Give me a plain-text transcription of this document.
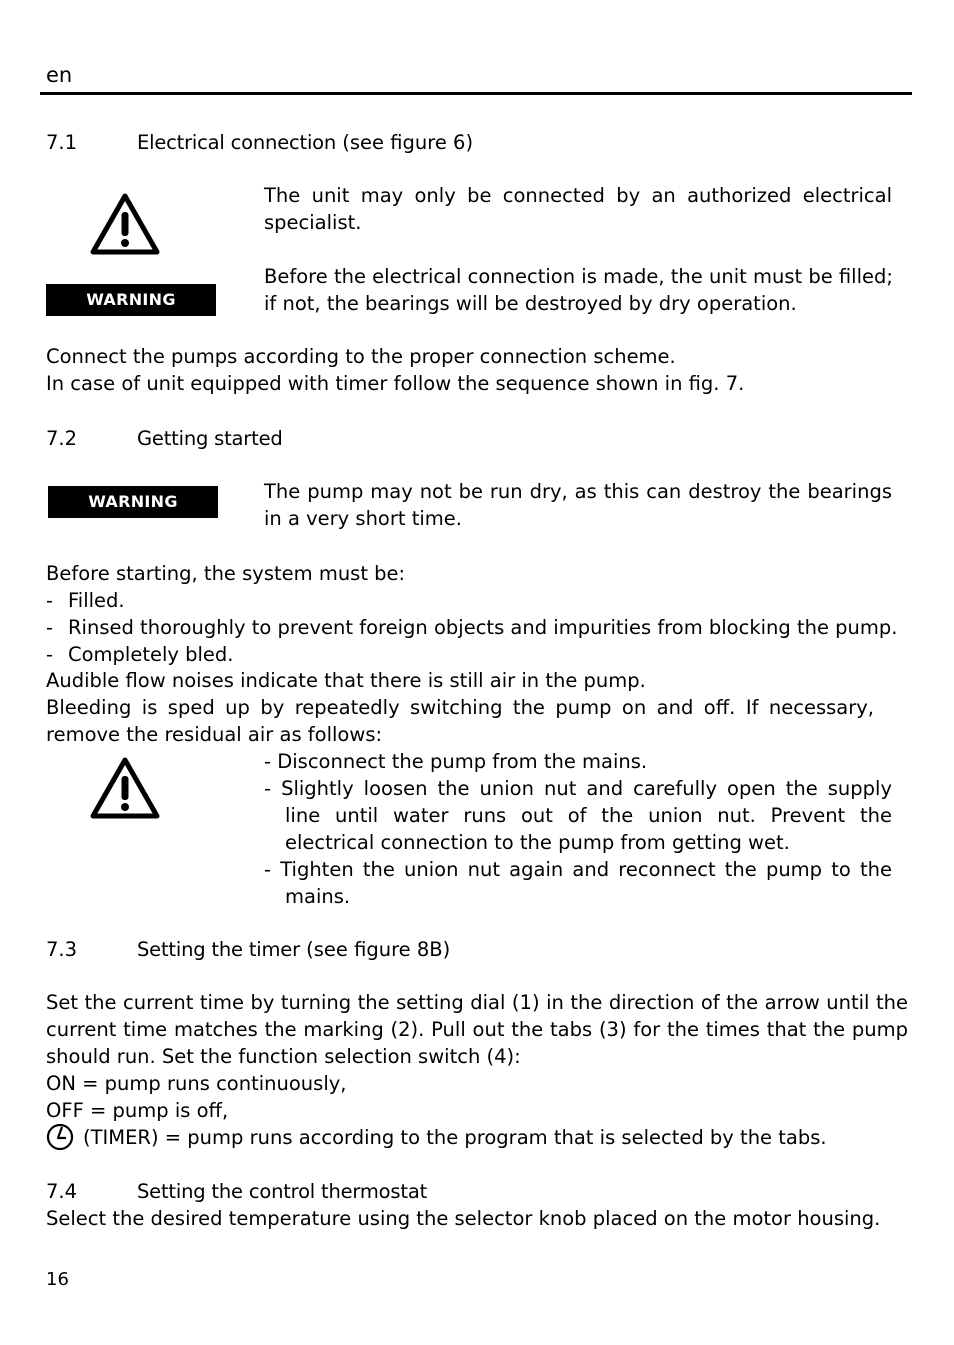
en
7.1	Electrical connection (see figure 6)
WARNING
The unit may only be connected by an authorized electrical specialist.
Before the electrical connection is made, the unit must be filled;
if not, the bearings will be destroyed by dry operation.
Connect the pumps according to the proper connection scheme.
In case of unit equipped with timer follow the sequence shown in fig. 7.
7.2	Getting started
WARNING	The pump may not be run dry, as this can destroy the bearings in a very short time.
Before starting, the system must be:
- Filled.
- Rinsed thoroughly to prevent foreign objects and impurities from blocking the pump.
- Completely bled.
Audible flow noises indicate that there is still air in the pump.
Bleeding is sped up by repeatedly switching the pump on and off. If necessary, remove the residual air as follows:
- Disconnect the pump from the mains.
- Slightly loosen the union nut and carefully open the supply line until water runs out of the union nut. Prevent the electrical connection to the pump from getting wet.
- Tighten the union nut again and reconnect the pump to the mains.
7.3	Setting the timer (see figure 8B)
Set the current time by turning the setting dial (1) in the direction of the arrow until the current time matches the marking (2). Pull out the tabs (3) for the times that the pump should run. Set the function selection switch (4):
ON = pump runs continuously,
OFF = pump is off,
(TIMER) = pump runs according to the program that is selected by the tabs.
7.4	Setting the control thermostat
Select the desired temperature using the selector knob placed on the motor housing.
16
